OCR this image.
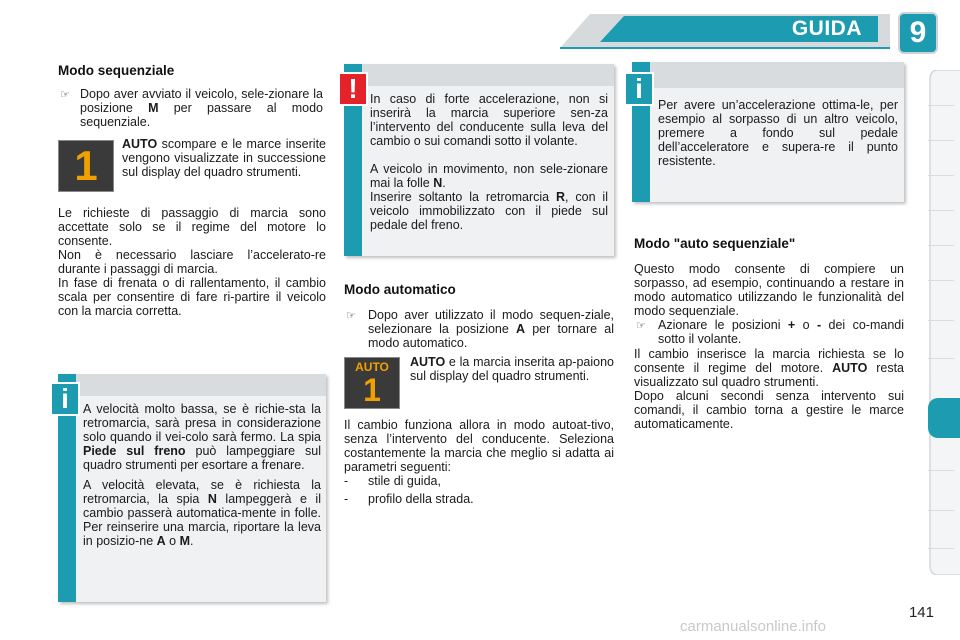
GUIDA	9
Modo sequenziale
☞ Dopo aver avviato il veicolo, sele-zionare la posizione M per passare al modo sequenziale.

1	AUTO scompare e le marce inserite vengono visualizzate in successione sul display del quadro strumenti.

Le richieste di passaggio di marcia sono accettate solo se il regime del motore lo consente.

Non è necessario lasciare l’accelerato-re durante i passaggi di marcia.

In fase di frenata o di rallentamento, il cambio scala per consentire di fare ri-partire il veicolo con la marcia corretta.

i	A velocità molto bassa, se è richie-sta la retromarcia, sarà presa in considerazione solo quando il vei-colo sarà fermo. La spia Piede sul freno può lampeggiare sul quadro strumenti per esortare a frenare.

A velocità elevata, se è richiesta la retromarcia, la spia N lampeggerà e il cambio passerà automatica-mente in folle. Per reinserire una marcia, riportare la leva in posizio-ne A o M.

! In caso di forte accelerazione, non si inserirà la marcia superiore sen-za l’intervento del conducente sulla leva del cambio o sui comandi sotto il volante.

A veicolo in movimento, non sele-zionare mai la folle N.

Inserire soltanto la retromarcia R, con il veicolo immobilizzato con il piede sul pedale del freno.

Modo automatico
☞ Dopo aver utilizzato il modo sequen-ziale, selezionare la posizione A per tornare al modo automatico.

AUTO
1

AUTO e la marcia inserita ap-paiono sul display del quadro strumenti.

Il cambio funziona allora in modo autoat-tivo, senza l’intervento del conducente. Seleziona costantemente la marcia che meglio si adatta ai parametri seguenti:

- stile di guida,
- profilo della strada.
i

Per avere un’accelerazione ottima-le, per esempio al sorpasso di un altro veicolo, premere a fondo sul pedale dell’acceleratore e supera-re il punto resistente.

Modo "auto sequenziale"

Questo modo consente di compiere un sorpasso, ad esempio, continuando a restare in modo automatico utilizzando le funzionalità del modo sequenziale.

☞ Azionare le posizioni + o - dei co-mandi sotto il volante.

Il cambio inserisce la marcia richiesta se lo consente il regime del motore. AUTO resta visualizzato sul quadro strumenti.

Dopo alcuni secondi senza intervento sui comandi, il cambio torna a gestire le marce automaticamente.

141
carmanualsonline.info
